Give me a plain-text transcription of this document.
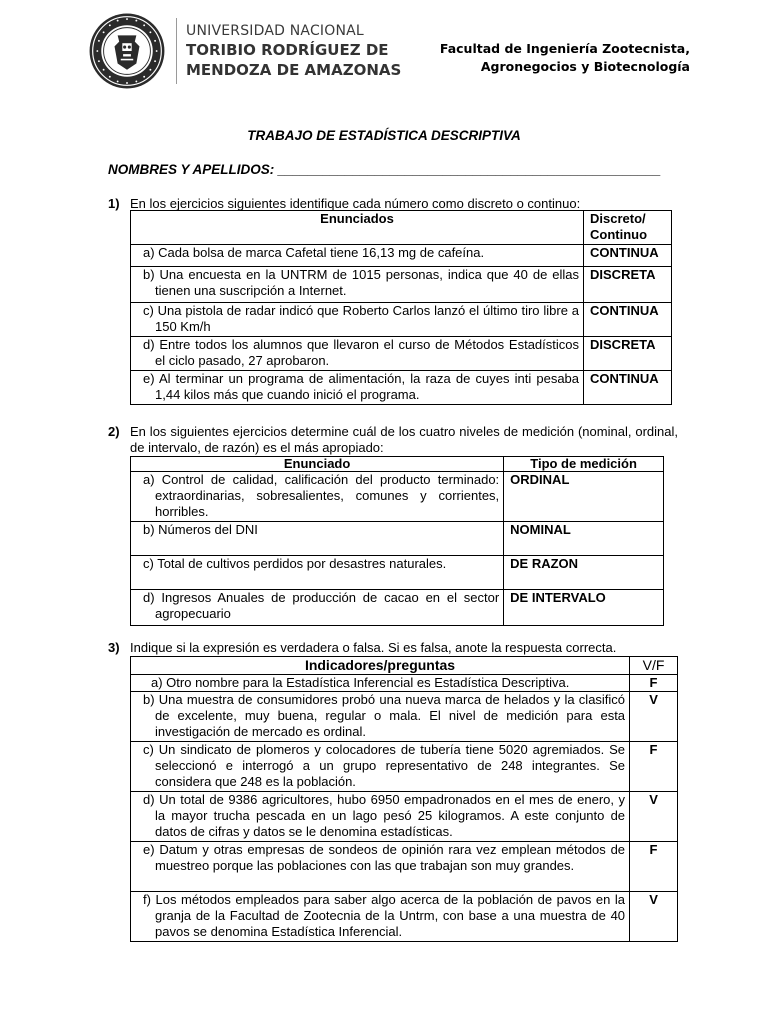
UNIVERSIDAD NACIONAL
TORIBIO RODRÍGUEZ DE
MENDOZA DE AMAZONAS
Facultad de Ingeniería Zootecnista,
Agronegocios y Biotecnología
TRABAJO DE ESTADÍSTICA DESCRIPTIVA
NOMBRES Y APELLIDOS: ___________________________________________________
1) En los ejercicios siguientes identifique cada número como discreto o continuo:
Enunciados	Discreto/ Continuo

a) Cada bolsa de marca Cafetal tiene 16,13 mg de cafeína.	CONTINUA

b) Una encuesta en la UNTRM de 1015 personas, indica que 40 de ellas tienen una suscripción a Internet.	DISCRETA

c) Una pistola de radar indicó que Roberto Carlos lanzó el último tiro libre a 150 Km/h	CONTINUA

d) Entre todos los alumnos que llevaron el curso de Métodos Estadísticos el ciclo pasado, 27 aprobaron.	DISCRETA

e) Al terminar un programa de alimentación, la raza de cuyes inti pesaba 1,44 kilos más que cuando inició el programa.	CONTINUA
2) En los siguientes ejercicios determine cuál de los cuatro niveles de medición (nominal, ordinal, de intervalo, de razón) es el más apropiado:
Enunciado	Tipo de medición

a) Control de calidad, calificación del producto terminado: extraordinarias, sobresalientes, comunes y corrientes, horribles.	ORDINAL

b) Números del DNI	NOMINAL

c) Total de cultivos perdidos por desastres naturales.	DE RAZON

d) Ingresos Anuales de producción de cacao en el sector agropecuario	DE INTERVALO
3) Indique si la expresión es verdadera o falsa. Si es falsa, anote la respuesta correcta.
Indicadores/preguntas	V/F

a) Otro nombre para la Estadística Inferencial es Estadística Descriptiva.	F

b) Una muestra de consumidores probó una nueva marca de helados y la clasificó de excelente, muy buena, regular o mala. El nivel de medición para esta investigación de mercado es ordinal.	V

c) Un sindicato de plomeros y colocadores de tubería tiene 5020 agremiados. Se seleccionó e interrogó a un grupo representativo de 248 integrantes. Se considera que 248 es la población.	F

d) Un total de 9386 agricultores, hubo 6950 empadronados en el mes de enero, y la mayor trucha pescada en un lago pesó 25 kilogramos. A este conjunto de datos de cifras y datos se le denomina estadísticas.	V

e) Datum y otras empresas de sondeos de opinión rara vez emplean métodos de muestreo porque las poblaciones con las que trabajan son muy grandes.	F

f) Los métodos empleados para saber algo acerca de la población de pavos en la granja de la Facultad de Zootecnia de la Untrm, con base a una muestra de 40 pavos se denomina Estadística Inferencial.	V
